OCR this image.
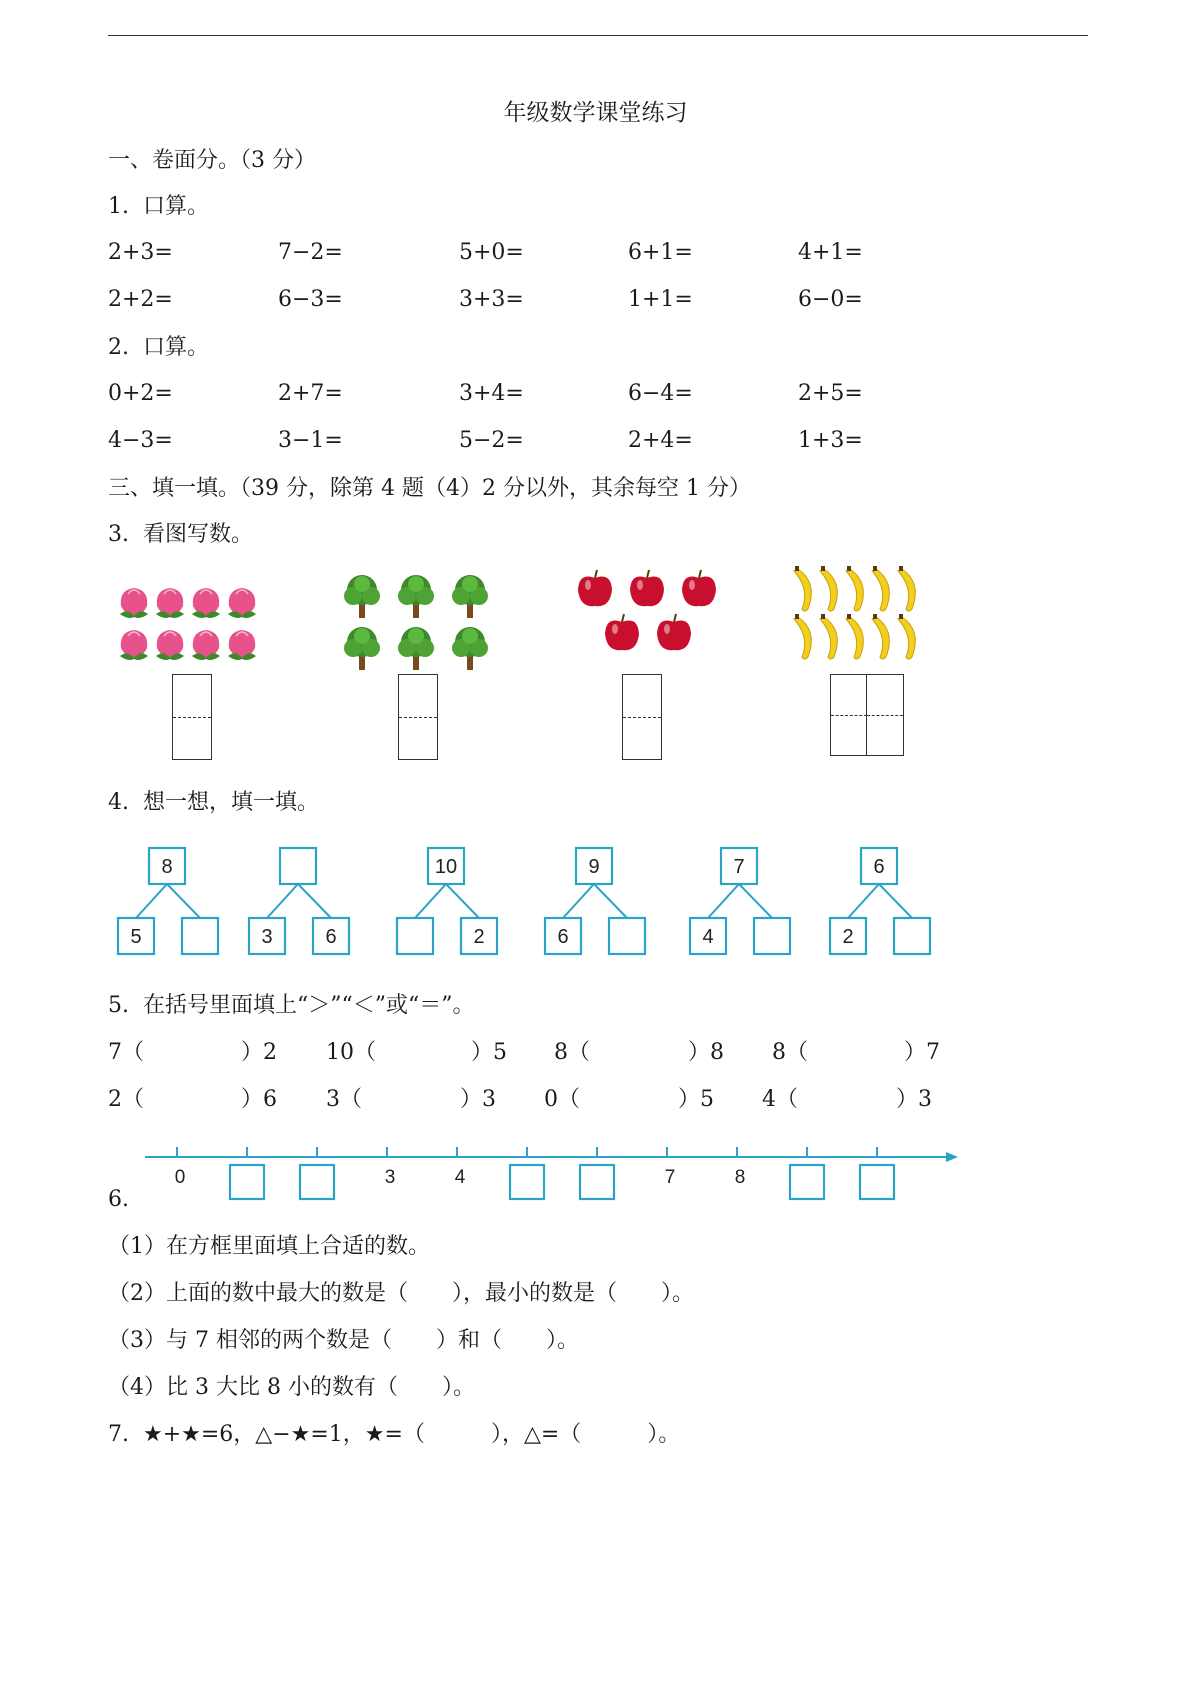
年级数学课堂练习
一、卷面分。（3 分）
1.  口算。
2+3=	7−2=	5+0=	6+1=	4+1=
2+2=	6−3=	3+3=	1+1=	6−0=
2.  口算。
0+2=	2+7=	3+4=	6−4=	2+5=
4−3=	3−1=	5−2=	2+4=	1+3=
三、填一填。（39 分，除第 4 题（4）2 分以外，其余每空 1 分）
3.  看图写数。
4.  想一想，填一填。
8
5	3	6
10
2
9
6
7
4
6
2
5.  在括号里面填上“＞”“＜”或“＝”。
7（	）2 10（	）5 8（	）8 8（	）7
2（	）6 3（	）3 0（	）5 4（	）3
0	3	4	7	8
6.
（1）在方框里面填上合适的数。
（2）上面的数中最大的数是（　　），最小的数是（　　）。
（3）与 7 相邻的两个数是（　　）和（　　）。
（4）比 3 大比 8 小的数有（　　）。
7.  ★+★=6，△−★=1，★=（　　　），△=（　　　）。
